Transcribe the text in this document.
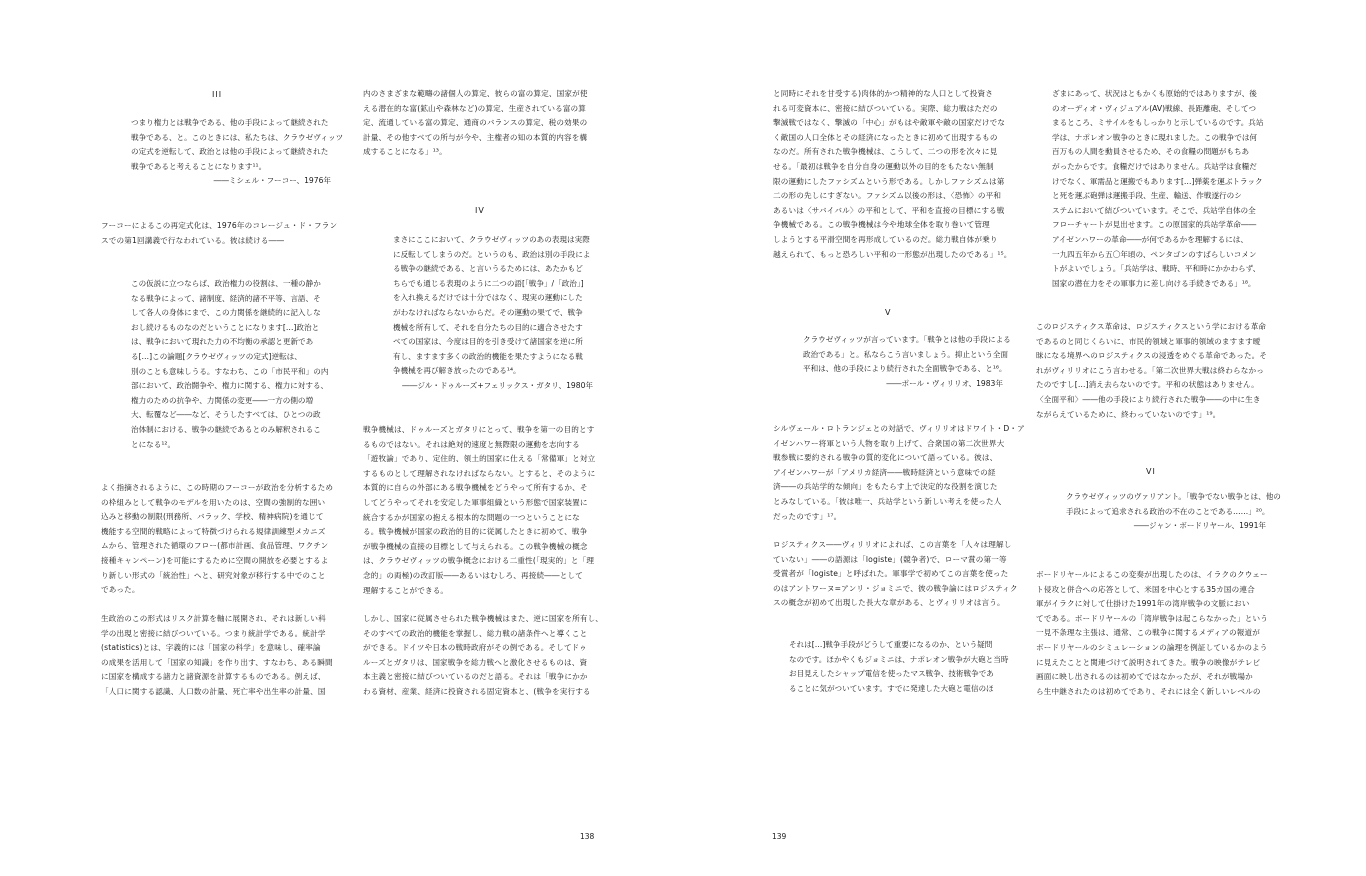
III

つまり権力とは戦争である、他の手段によって継続された

戦争である、と。このときには、私たちは、クラウゼヴィッツ

の定式を逆転して、政治とは他の手段によって継続された

戦争であると考えることになります¹¹。

――ミシェル・フーコー、1976年

フーコーによるこの再定式化は、1976年のコレージュ・ド・フラン

スでの第1回講義で行なわれている。彼は続ける――

この仮説に立つならば、政治権力の役割は、一種の静か

なる戦争によって、諸制度、経済的諸不平等、言語、そ

して各人の身体にまで、この力関係を継続的に記入しな

おし続けるものなのだということになります[…]政治と

は、戦争において現れた力の不均衡の承認と更新であ

る[…]この論題[クラウゼヴィッツの定式]逆転は、

別のことも意味しうる。すなわち、この「市民平和」の内

部において、政治闘争や、権力に関する、権力に対する、

権力のための抗争や、力関係の変更――一方の側の増

大、転覆など――など、そうしたすべては、ひとつの政

治体制における、戦争の継続であるとのみ解釈されるこ

とになる¹²。

よく指摘されるように、この時期のフーコーが政治を分析するため

の枠組みとして戦争のモデルを用いたのは、空間の強制的な囲い

込みと移動の制限(刑務所、バラック、学校、精神病院)を通じて

機能する空間的戦略によって特徴づけられる規律訓練型メカニズ

ムから、管理された循環のフロー(都市計画、食品管理、ワクチン

接種キャンペーン)を可能にするために空間の開放を必要とするよ

り新しい形式の「統治性」へと、研究対象が移行する中でのこと

であった。

生政治のこの形式はリスク計算を軸に展開され、それは新しい科

学の出現と密接に結びついている。つまり統計学である。統計学

(statistics)とは、字義的には「国家の科学」を意味し、確率論

の成果を活用して「国家の知識」を作り出す、すなわち、ある瞬間

に国家を構成する諸力と諸資源を計算するものである。例えば、

「人口に関する認識、人口数の計量、死亡率や出生率の計量、国

内のさまざまな範疇の諸個人の算定、彼らの富の算定、国家が使

える潜在的な富(鉱山や森林など)の算定、生産されている富の算

定、流通している富の算定、通商のバランスの算定、税の効果の

計量、その他すべての所与が今や、主権者の知の本質的内容を構

成することになる」¹³。

IV

まさにここにおいて、クラウゼヴィッツのあの表現は実際

に反転してしまうのだ。というのも、政治は別の手段によ

る戦争の継続である、と言いうるためには、あたかもど

ちらでも通じる表現のように二つの語[「戦争」/「政治」]

を入れ換えるだけでは十分ではなく、現実の運動にした

がわなければならないからだ。その運動の果てで、戦争

機械を所有して、それを自分たちの目的に適合させたす

べての国家は、今度は目的を引き受けて諸国家を逆に所

有し、ますます多くの政治的機能を果たすようになる戦

争機械を再び解き放ったのである¹⁴。

――ジル・ドゥルーズ+フェリックス・ガタリ、1980年

戦争機械は、ドゥルーズとガタリにとって、戦争を第一の目的とす

るものではない。それは絶対的速度と無際限の運動を志向する

「遊牧論」であり、定住的、領土的国家に仕える「常備軍」と対立

するものとして理解されなければならない。とすると、そのように

本質的に自らの外部にある戦争機械をどうやって所有するか、そ

してどうやってそれを安定した軍事組織という形態で国家装置に

統合するかが国家の抱える根本的な問題の一つということにな

る。戦争機械が国家の政治的目的に従属したときに初めて、戦争

が戦争機械の直接の目標として与えられる。この戦争機械の概念

は、クラウゼヴィッツの戦争概念における二重性(「現実的」と「理

念的」の両極)の改訂版――あるいはむしろ、再接続――として

理解することができる。

しかし、国家に従属させられた戦争機械はまた、逆に国家を所有し、

そのすべての政治的機能を掌握し、総力戦の諸条件へと導くこと

ができる。ドイツや日本の戦時政府がその例である。そしてドゥ

ルーズとガタリは、国家戦争を総力戦へと激化させるものは、資

本主義と密接に結びついているのだと語る。それは「戦争にかか

わる資材、産業、経済に投資される固定資本と、(戦争を実行する

138

と同時にそれを甘受する)肉体的かつ精神的な人口として投資さ

れる可変資本に、密接に結びついている。実際、総力戦はただの

撃滅戦ではなく、撃滅の「中心」がもはや敵軍や敵の国家だけでな

く敵国の人口全体とその経済になったときに初めて出現するもの

なのだ。所有された戦争機械は、こうして、二つの形を次々に見

せる。「最初は戦争を自分自身の運動以外の目的をもたない無制

限の運動にしたファシズムという形である。しかしファシズムは第

二の形の先しにすぎない。ファシズム以後の形は、〈恐怖〉の平和

あるいは〈サバイバル〉の平和として、平和を直接の目標にする戦

争機械である。この戦争機械は今や地球全体を取り巻いて管理

しようとする平滑空間を再形成しているのだ。総力戦自体が乗り

越えられて、もっと恐ろしい平和の一形態が出現したのである」¹⁵。

V

クラウゼヴィッツが言っています。「戦争とは他の手段による

政治である」と。私ならこう言いましょう。抑止という全面

平和は、他の手段により続行された全面戦争である、と¹⁶。

――ポール・ヴィリリオ、1983年

シルヴェール・ロトランジェとの対話で、ヴィリリオはドワイト・D・ア

イゼンハワー将軍という人物を取り上げて、合衆国の第二次世界大

戦参戦に要約される戦争の質的変化について語っている。彼は、

アイゼンハワーが「アメリカ経済――戦時経済という意味での経

済――の兵站学的な傾向」をもたらす上で決定的な役割を演じた

とみなしている。「彼は唯一、兵站学という新しい考えを使った人

だったのです」¹⁷。

ロジスティクス――ヴィリリオによれば、この言葉を「人々は理解し

ていない」――の語源は「logiste」(競争者)で、ローマ賞の第一等

受賞者が「logiste」と呼ばれた。軍事学で初めてこの言葉を使った

のはアントワーヌ=アンリ・ジョミニで、彼の戦争論にはロジスティク

スの概念が初めて出現した長大な章がある、とヴィリリオは言う。

それは[…]戦争手段がどうして重要になるのか、という疑問

なのです。ほかやくもジョミニは、ナポレオン戦争が大砲と当時

お目見えしたシャップ電信を使ったマス戦争、技術戦争であ

ることに気がついています。すでに発達した大砲と電信のほ

ざまにあって、状況はともかくも原始的ではありますが、後

のオーディオ・ヴィジュアル(AV)戦線、長距離砲、そしてつ

まるところ、ミサイルをもしっかりと示しているのです。兵站

学は、ナポレオン戦争のときに現れました。この戦争では何

百万もの人間を動員させるため、その食糧の問題がもちあ

がったからです。食糧だけではありません。兵站学は食糧だ

けでなく、軍需品と運搬でもあります[…]弾薬を運ぶトラック

と死を運ぶ砲弾は運搬手段、生産、輸送、作戦遂行のシ

ステムにおいて結びついています。そこで、兵站学自体の全

フローチャートが見出せます。この原国家的兵站学革命――

アイゼンハワーの革命――が何であるかを理解するには、

一九四五年から五〇年頃の、ペンタゴンのすばらしいコメン

トがよいでしょう。「兵站学は、戦時、平和時にかかわらず、

国家の潜在力をその軍事力に差し向ける手続きである」¹⁸。

このロジスティクス革命は、ロジスティクスという学における革命

であるのと同じくらいに、市民的領域と軍事的領域のますます曖

昧になる境界へのロジスティクスの浸透をめぐる革命であった。そ

れがヴィリリオにこう言わせる。「第二次世界大戦は終わらなかっ

たのですし[…]消え去らないのです。平和の状態はありません。

〈全面平和〉――他の手段により続行された戦争――の中に生き

ながらえているために、終わっていないのです」¹⁹。

VI

クラウゼヴィッツのヴァリアント。「戦争でない戦争とは、他の

手段によって追求される政治の不在のことである……」²⁰。

――ジャン・ボードリヤール、1991年

ボードリヤールによるこの変奏が出現したのは、イラクのクウェー

ト侵攻と併合への応答として、米国を中心とする35カ国の連合

軍がイラクに対して仕掛けた1991年の湾岸戦争の文脈におい

てである。ボードリヤールの「湾岸戦争は起こらなかった」という

一見不条理な主張は、通常、この戦争に関するメディアの報道が

ボードリヤールのシミュレーションの論理を例証しているかのよう

に見えたことと関連づけて説明されてきた。戦争の映像がテレビ

画面に映し出されるのは初めてではなかったが、それが戦場か

ら生中継されたのは初めてであり、それには全く新しいレベルの

139
